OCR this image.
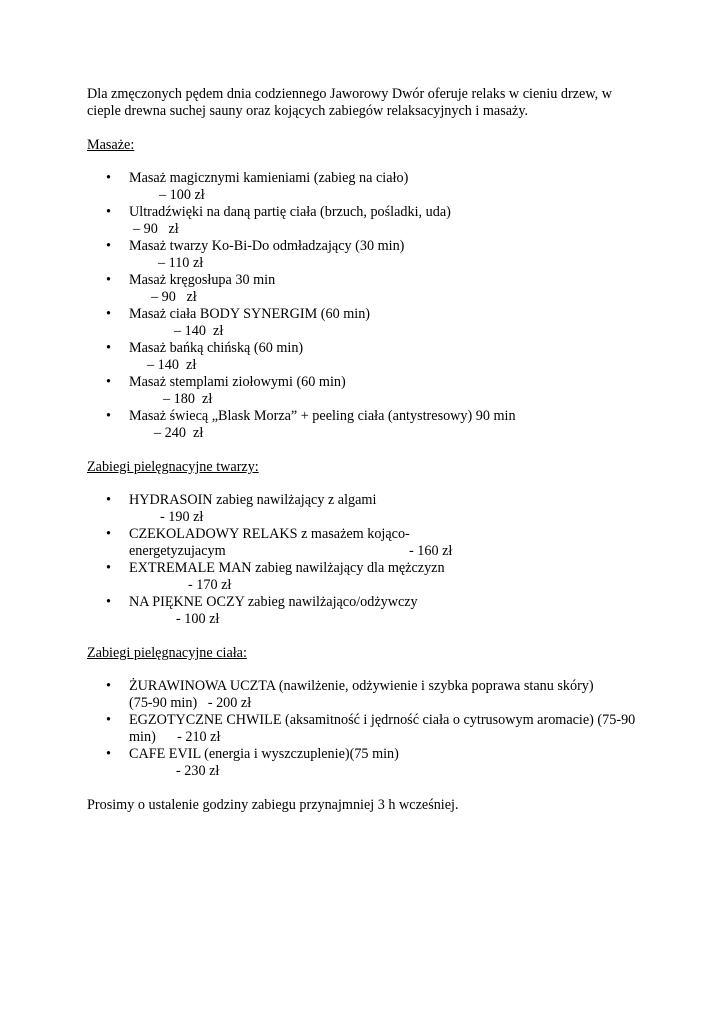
Dla zmęczonych pędem dnia codziennego Jaworowy Dwór oferuje relaks w cieniu drzew, w cieple drewna suchej sauny oraz kojących zabiegów relaksacyjnych i masaży.

Masaże:

• Masaż magicznymi kamieniami (zabieg na ciało)
– 100 zł
• Ultradźwięki na daną partię ciała (brzuch, pośladki, uda)
– 90   zł
• Masaż twarzy Ko-Bi-Do odmładzający (30 min)
– 110 zł
• Masaż kręgosłupa 30 min
– 90   zł
• Masaż ciała BODY SYNERGIM (60 min)
– 140  zł
• Masaż bańką chińską (60 min)
– 140  zł
• Masaż stemplami ziołowymi (60 min)
– 180  zł
• Masaż świecą „Blask Morza” + peeling ciała (antystresowy) 90 min
– 240  zł

Zabiegi pielęgnacyjne twarzy:

• HYDRASOIN zabieg nawilżający z algami
- 190 zł
• CZEKOLADOWY RELAKS z masażem kojąco-energetyzujacym	- 160 zł
• EXTREMALE MAN zabieg nawilżający dla mężczyzn
- 170 zł
• NA PIĘKNE OCZY zabieg nawilżająco/odżywczy
- 100 zł

Zabiegi pielęgnacyjne ciała:

• ŻURAWINOWA UCZTA (nawilżenie, odżywienie i szybka poprawa stanu skóry) (75-90 min) - 200 zł
• EGZOTYCZNE CHWILE (aksamitność i jędrność ciała o cytrusowym aromacie) (75-90 min) - 210 zł
• CAFE EVIL (energia i wyszczuplenie)(75 min)
- 230 zł

Prosimy o ustalenie godziny zabiegu przynajmniej 3 h wcześniej.
